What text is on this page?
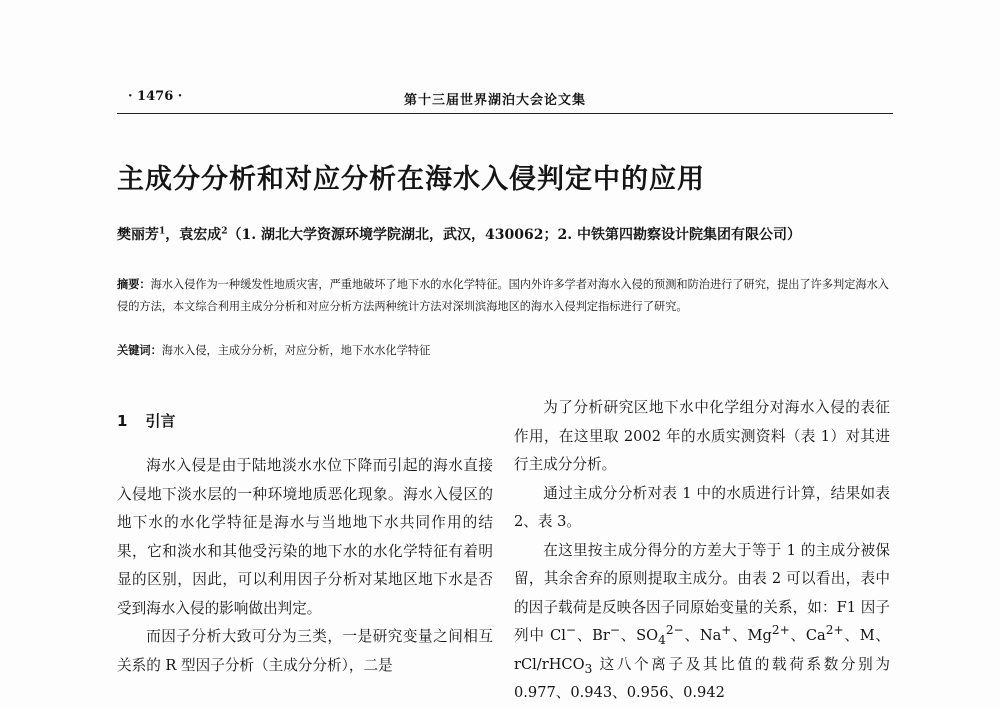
· 1476 ·	第十三届世界湖泊大会论文集
主成分分析和对应分析在海水入侵判定中的应用
樊丽芳$^1$，袁宏成$^2$（1. 湖北大学资源环境学院湖北，武汉，430062；2. 中铁第四勘察设计院集团有限公司）
摘要：海水入侵作为一种缓发性地质灾害，严重地破坏了地下水的水化学特征。国内外许多学者对海水入侵的预测和防治进行了研究，提出了许多判定海水入侵的方法，本文综合利用主成分分析和对应分析方法两种统计方法对深圳滨海地区的海水入侵判定指标进行了研究。
关键词：海水入侵，主成分分析，对应分析，地下水水化学特征
1 引言

海水入侵是由于陆地淡水水位下降而引起的海水直接入侵地下淡水层的一种环境地质恶化现象。海水入侵区的地下水的水化学特征是海水与当地地下水共同作用的结果，它和淡水和其他受污染的地下水的水化学特征有着明显的区别，因此，可以利用因子分析对某地区地下水是否受到海水入侵的影响做出判定。

而因子分析大致可分为三类，一是研究变量之间相互关系的 R 型因子分析（主成分分析），二是

为了分析研究区地下水中化学组分对海水入侵的表征作用，在这里取 2002 年的水质实测资料（表 1）对其进行主成分分析。

通过主成分分析对表 1 中的水质进行计算，结果如表 2、表 3。

在这里按主成分得分的方差大于等于 1 的主成分被保留，其余舍弃的原则提取主成分。由表 2 可以看出，表中的因子载荷是反映各因子同原始变量的关系，如：F1 因子列中 Cl−、Br−、$SO_4^{2-}$、Na+、$Mg^{2+}$、$Ca^{2+}$、M、rCl/rHCO$_3$ 这八个离子及其比值的载荷系数分别为 0.977、0.943、0.956、0.942
